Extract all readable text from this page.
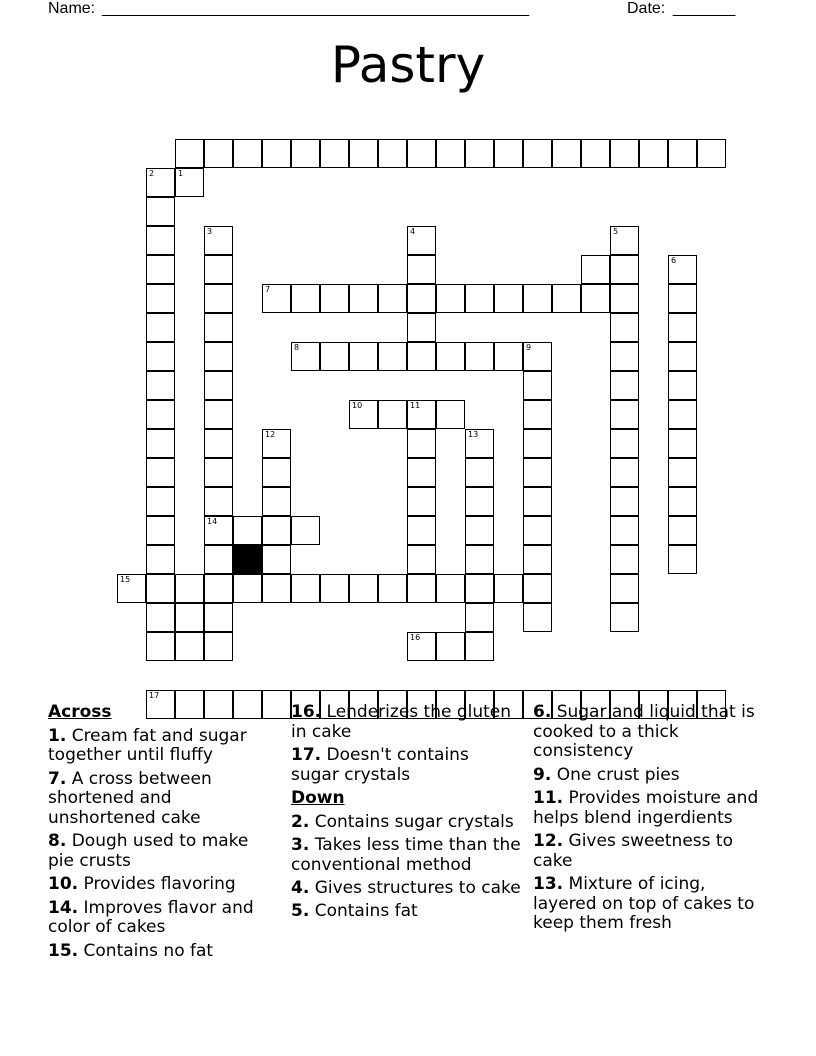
Name: ________________________________________________	Date: _______
Pastry
2	1
3
14
4	5
6
7
8	9
10	11
12	13
15
16
17
Across
1. Cream fat and sugar together until fluffy
7. A cross between shortened and unshortened cake
8. Dough used to make pie crusts
10. Provides flavoring
14. Improves flavor and color of cakes
15. Contains no fat
16. Lenderizes the gluten in cake
17. Doesn't contains sugar crystals
Down
2. Contains sugar crystals
3. Takes less time than the conventional method
4. Gives structures to cake
5. Contains fat
6. Sugar and liquid that is cooked to a thick consistency
9. One crust pies
11. Provides moisture and helps blend ingerdients
12. Gives sweetness to cake
13. Mixture of icing, layered on top of cakes to keep them fresh
